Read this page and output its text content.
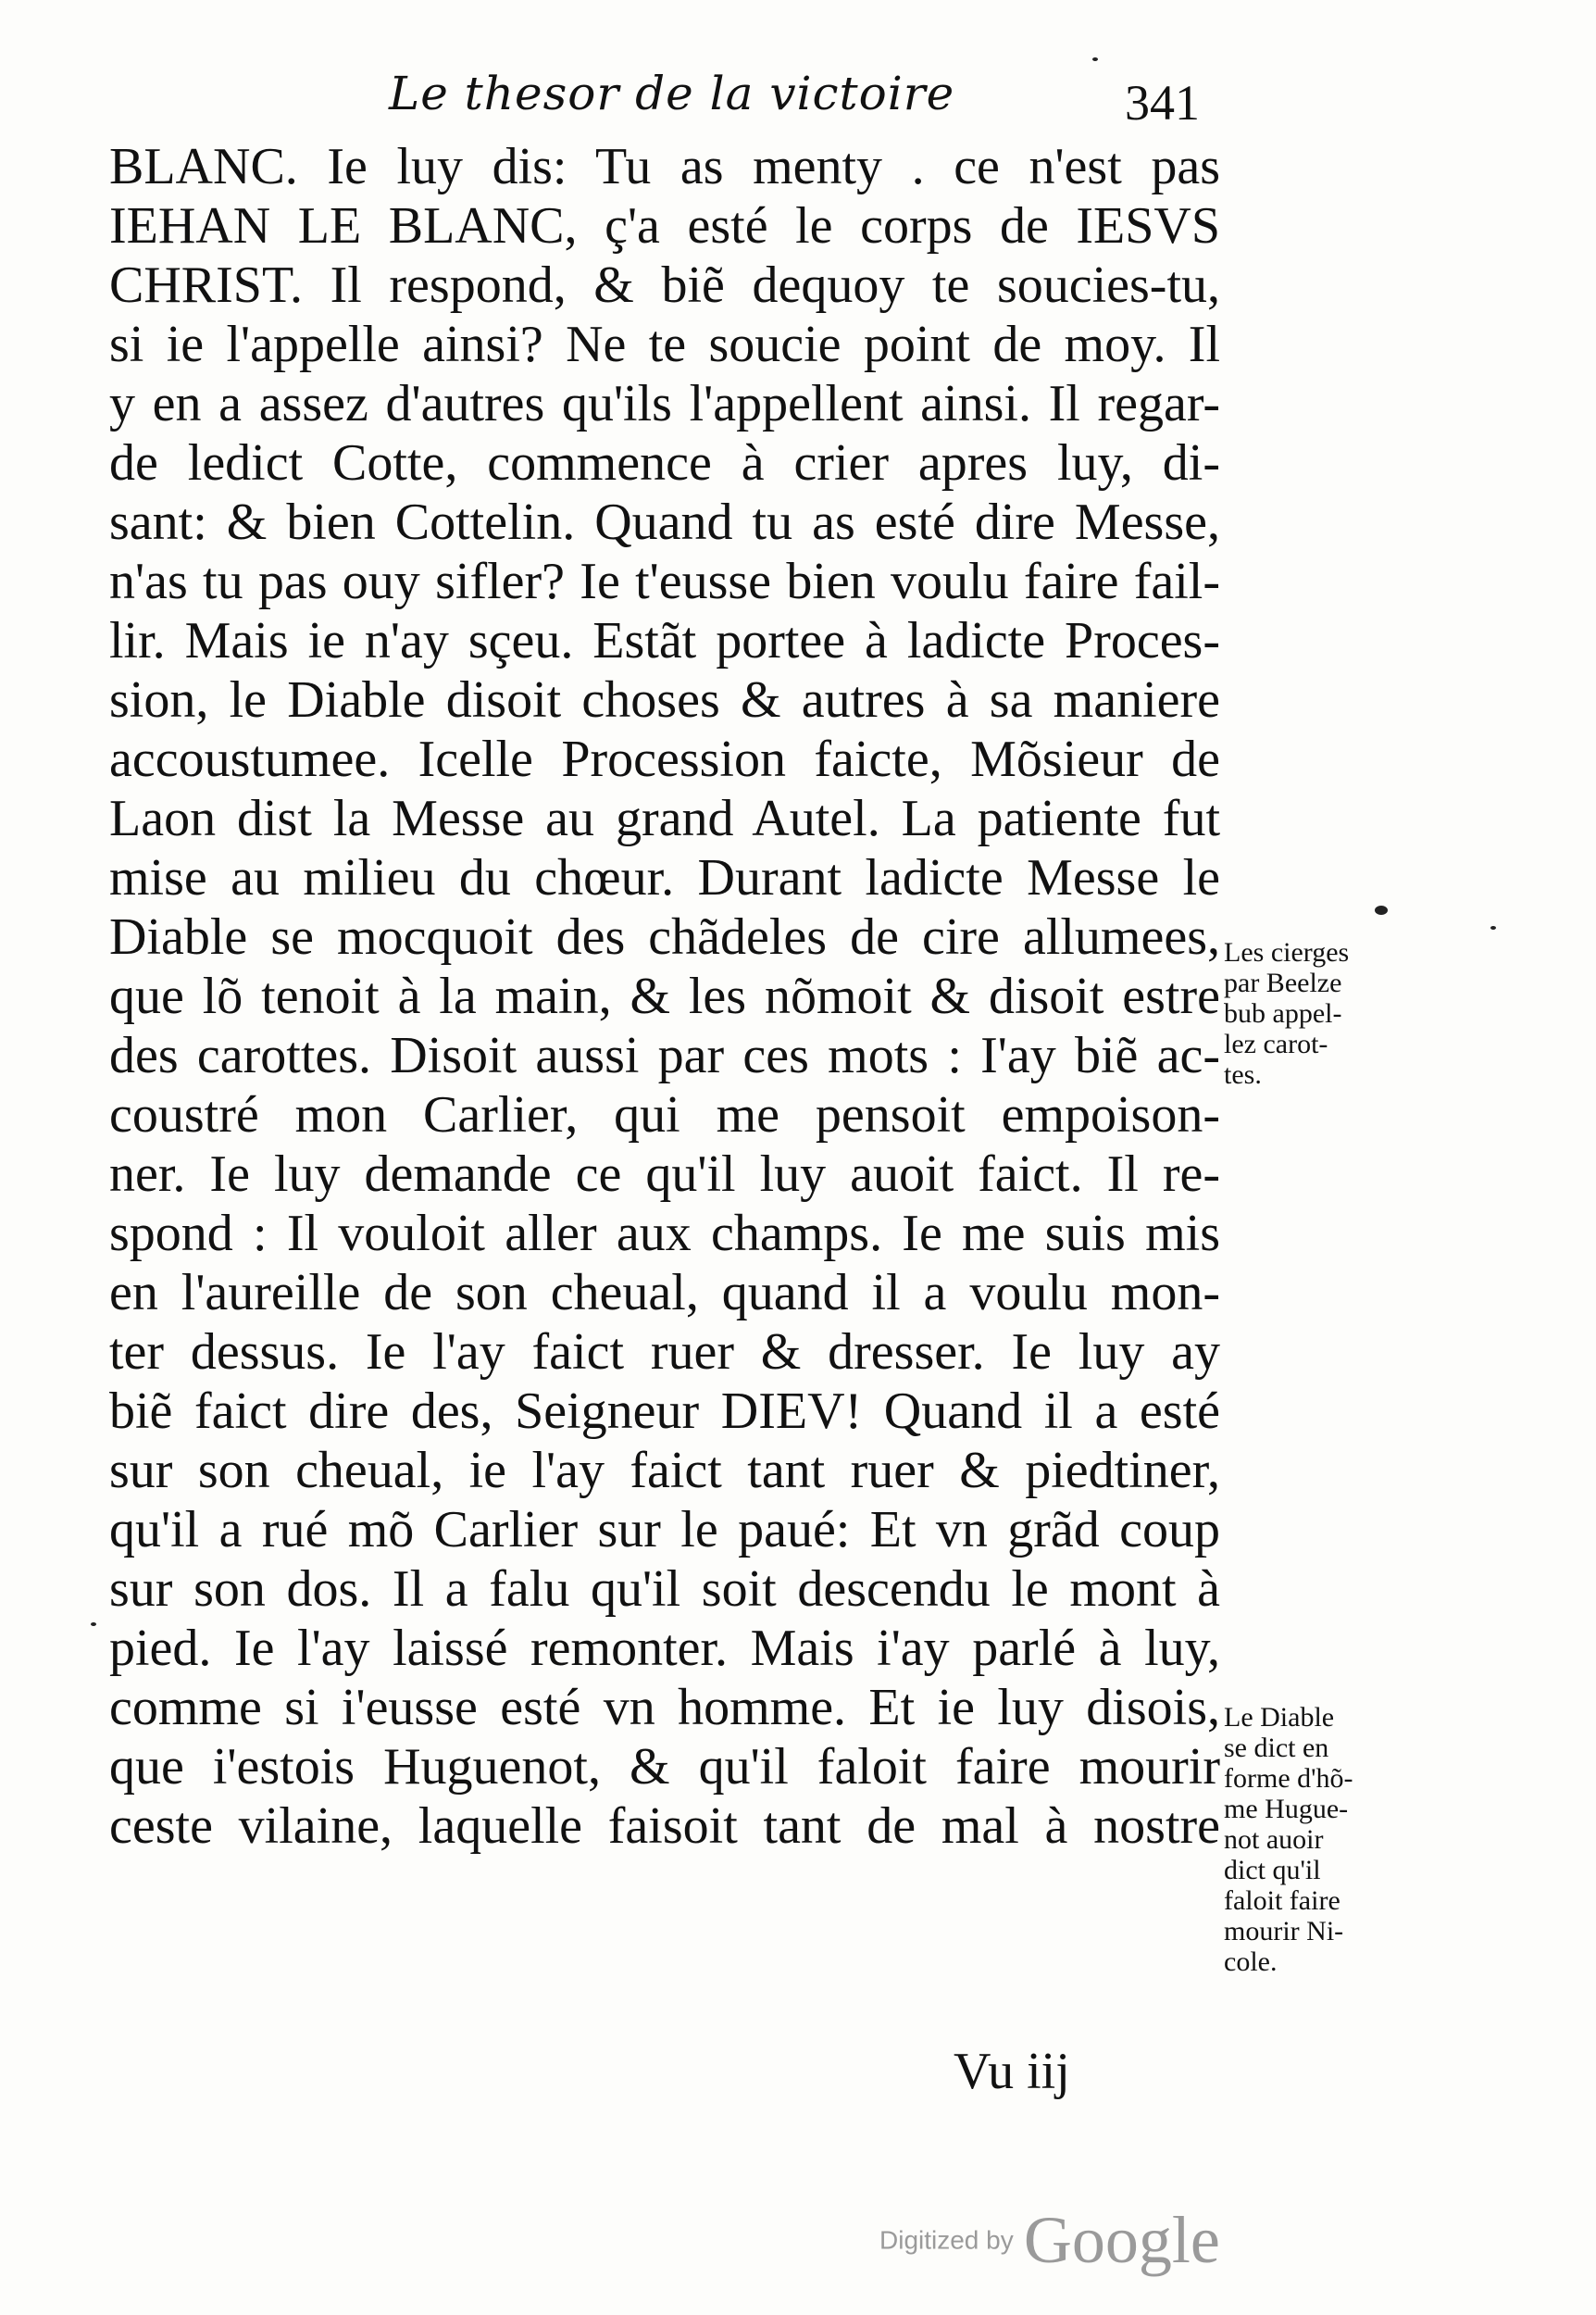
Le thesor de la victoire	341
BLANC. Ie luy dis: Tu as menty . ce n'est pas
IEHAN LE BLANC, ç'a esté le corps de IESVS
CHRIST. Il respond, & biẽ dequoy te soucies-tu,
si ie l'appelle ainsi? Ne te soucie point de moy. Il
y en a assez d'autres qu'ils l'appellent ainsi. Il regar-
de ledict Cotte, commence à crier apres luy, di-
sant: & bien Cottelin. Quand tu as esté dire Messe,
n'as tu pas ouy sifler? Ie t'eusse bien voulu faire fail-
lir. Mais ie n'ay sçeu. Estãt portee à ladicte Proces-
sion, le Diable disoit choses & autres à sa maniere
accoustumee. Icelle Procession faicte, Mõsieur de
Laon dist la Messe au grand Autel. La patiente fut
mise au milieu du chœur. Durant ladicte Messe le
Diable se mocquoit des chãdeles de cire allumees,
que lõ tenoit à la main, & les nõmoit & disoit estre
des carottes. Disoit aussi par ces mots : I'ay biẽ ac-
coustré mon Carlier, qui me pensoit empoison-
ner. Ie luy demande ce qu'il luy auoit faict. Il re-
spond : Il vouloit aller aux champs. Ie me suis mis
en l'aureille de son cheual, quand il a voulu mon-
ter dessus. Ie l'ay faict ruer & dresser. Ie luy ay
biẽ faict dire des, Seigneur DIEV! Quand il a esté
sur son cheual, ie l'ay faict tant ruer & piedtiner,
qu'il a rué mõ Carlier sur le paué: Et vn grãd coup
sur son dos. Il a falu qu'il soit descendu le mont à
pied. Ie l'ay laissé remonter. Mais i'ay parlé à luy,
comme si i'eusse esté vn homme. Et ie luy disois,
que i'estois Huguenot, & qu'il faloit faire mourir
ceste vilaine, laquelle faisoit tant de mal à nostre
Les cierges
par Beelze
bub appel-
lez carot-
tes.
Le Diable
se dict en
forme d'hõ-
me Hugue-
not auoir
dict qu'il
faloit faire
mourir Ni-
cole.
Vu iij
Digitized by Google
